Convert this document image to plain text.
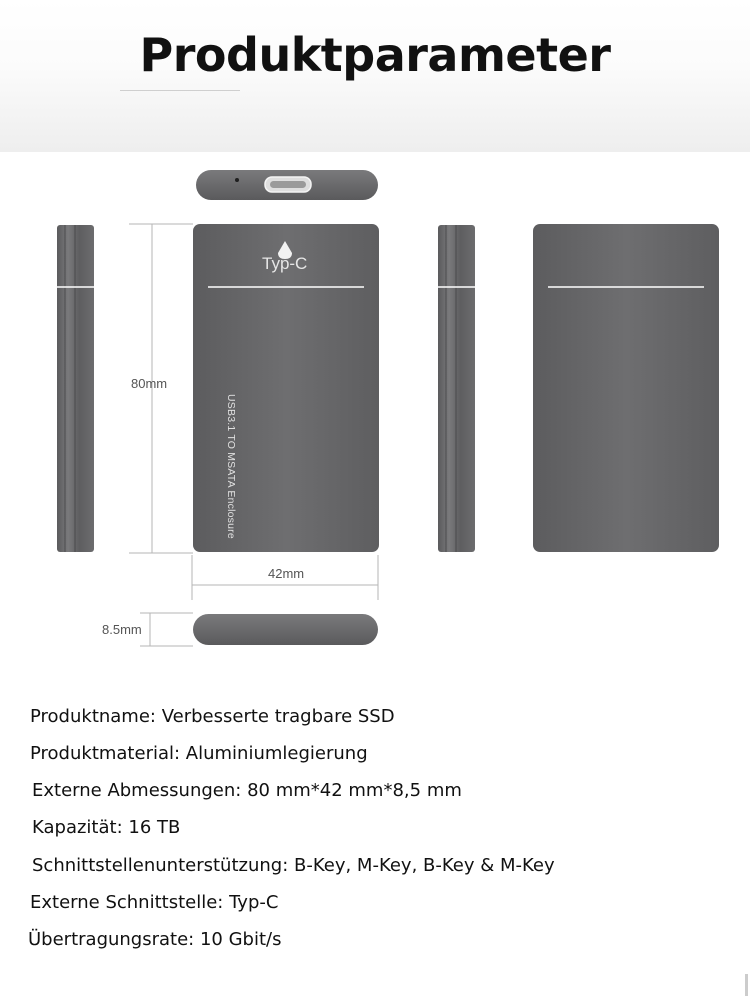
Produktparameter
Typ-C
USB3.1 TO MSATA Enclosure
80mm
42mm
8.5mm
Produktname: Verbesserte tragbare SSD
Produktmaterial: Aluminiumlegierung
Externe Abmessungen: 80 mm*42 mm*8,5 mm
Kapazität: 16 TB
Schnittstellenunterstützung: B-Key, M-Key, B-Key & M-Key
Externe Schnittstelle: Typ-C
Übertragungsrate: 10 Gbit/s
